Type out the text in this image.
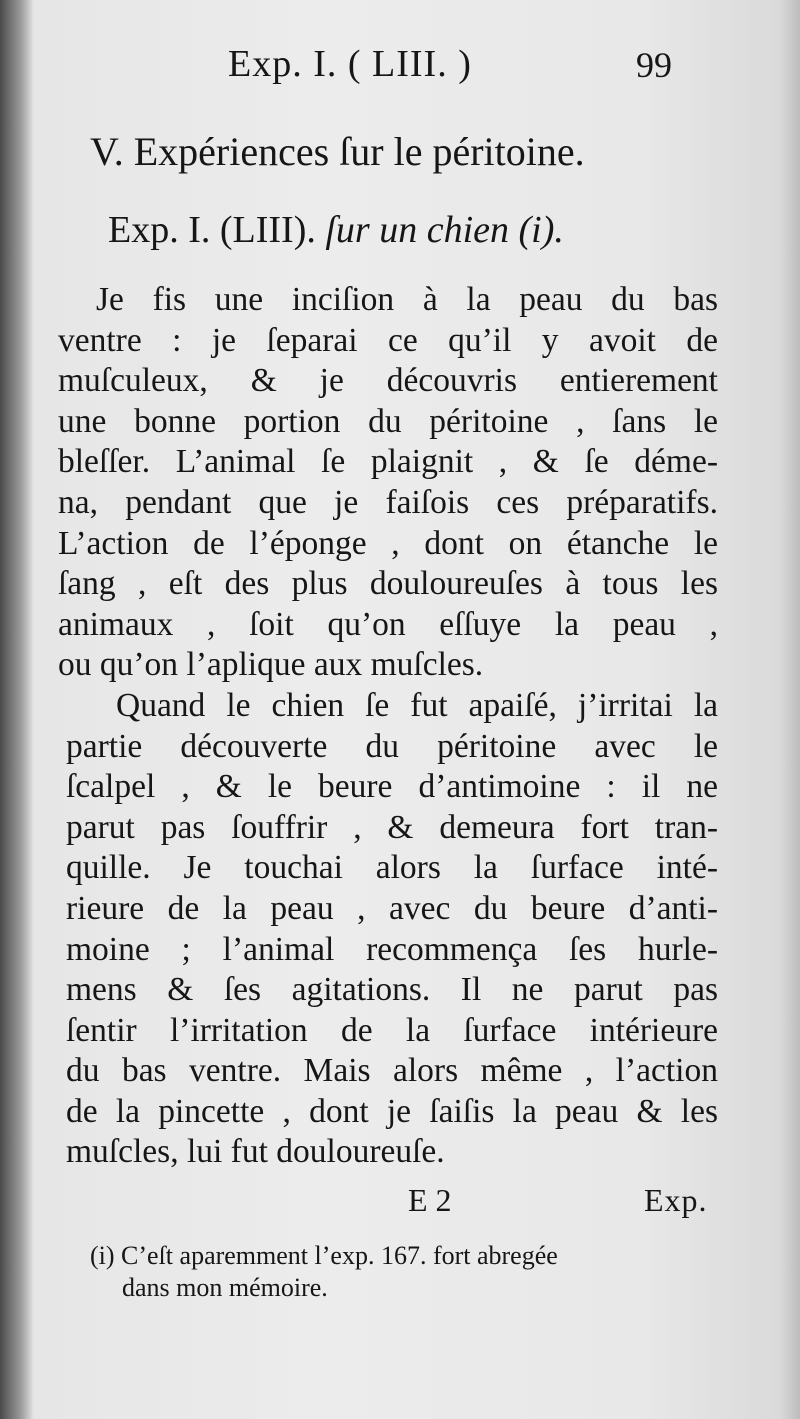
Exp. I. ( LIII. )	99
V. Expériences ſur le péritoine.
Exp. I. (LIII). ſur un chien (i).
Je fis une inciſion à la peau du bas
ventre : je ſeparai ce qu’il y avoit de
muſculeux, & je découvris entierement
une bonne portion du péritoine , ſans le
bleſſer. L’animal ſe plaignit , & ſe déme-
na, pendant que je faiſois ces préparatifs.
L’action de l’éponge , dont on étanche le
ſang , eſt des plus douloureuſes à tous les
animaux , ſoit qu’on eſſuye la peau ,
ou qu’on l’aplique aux muſcles.
Quand le chien ſe fut apaiſé, j’irritai la
partie découverte du péritoine avec le
ſcalpel , & le beure d’antimoine : il ne
parut pas ſouffrir , & demeura fort tran-
quille. Je touchai alors la ſurface inté-
rieure de la peau , avec du beure d’anti-
moine ; l’animal recommença ſes hurle-
mens & ſes agitations. Il ne parut pas
ſentir l’irritation de la ſurface intérieure
du bas ventre. Mais alors même , l’action
de la pincette , dont je ſaiſis la peau & les
muſcles, lui fut douloureuſe.
E 2	Exp.
(i) C’eſt aparemment l’exp. 167. fort abregée
dans mon mémoire.
